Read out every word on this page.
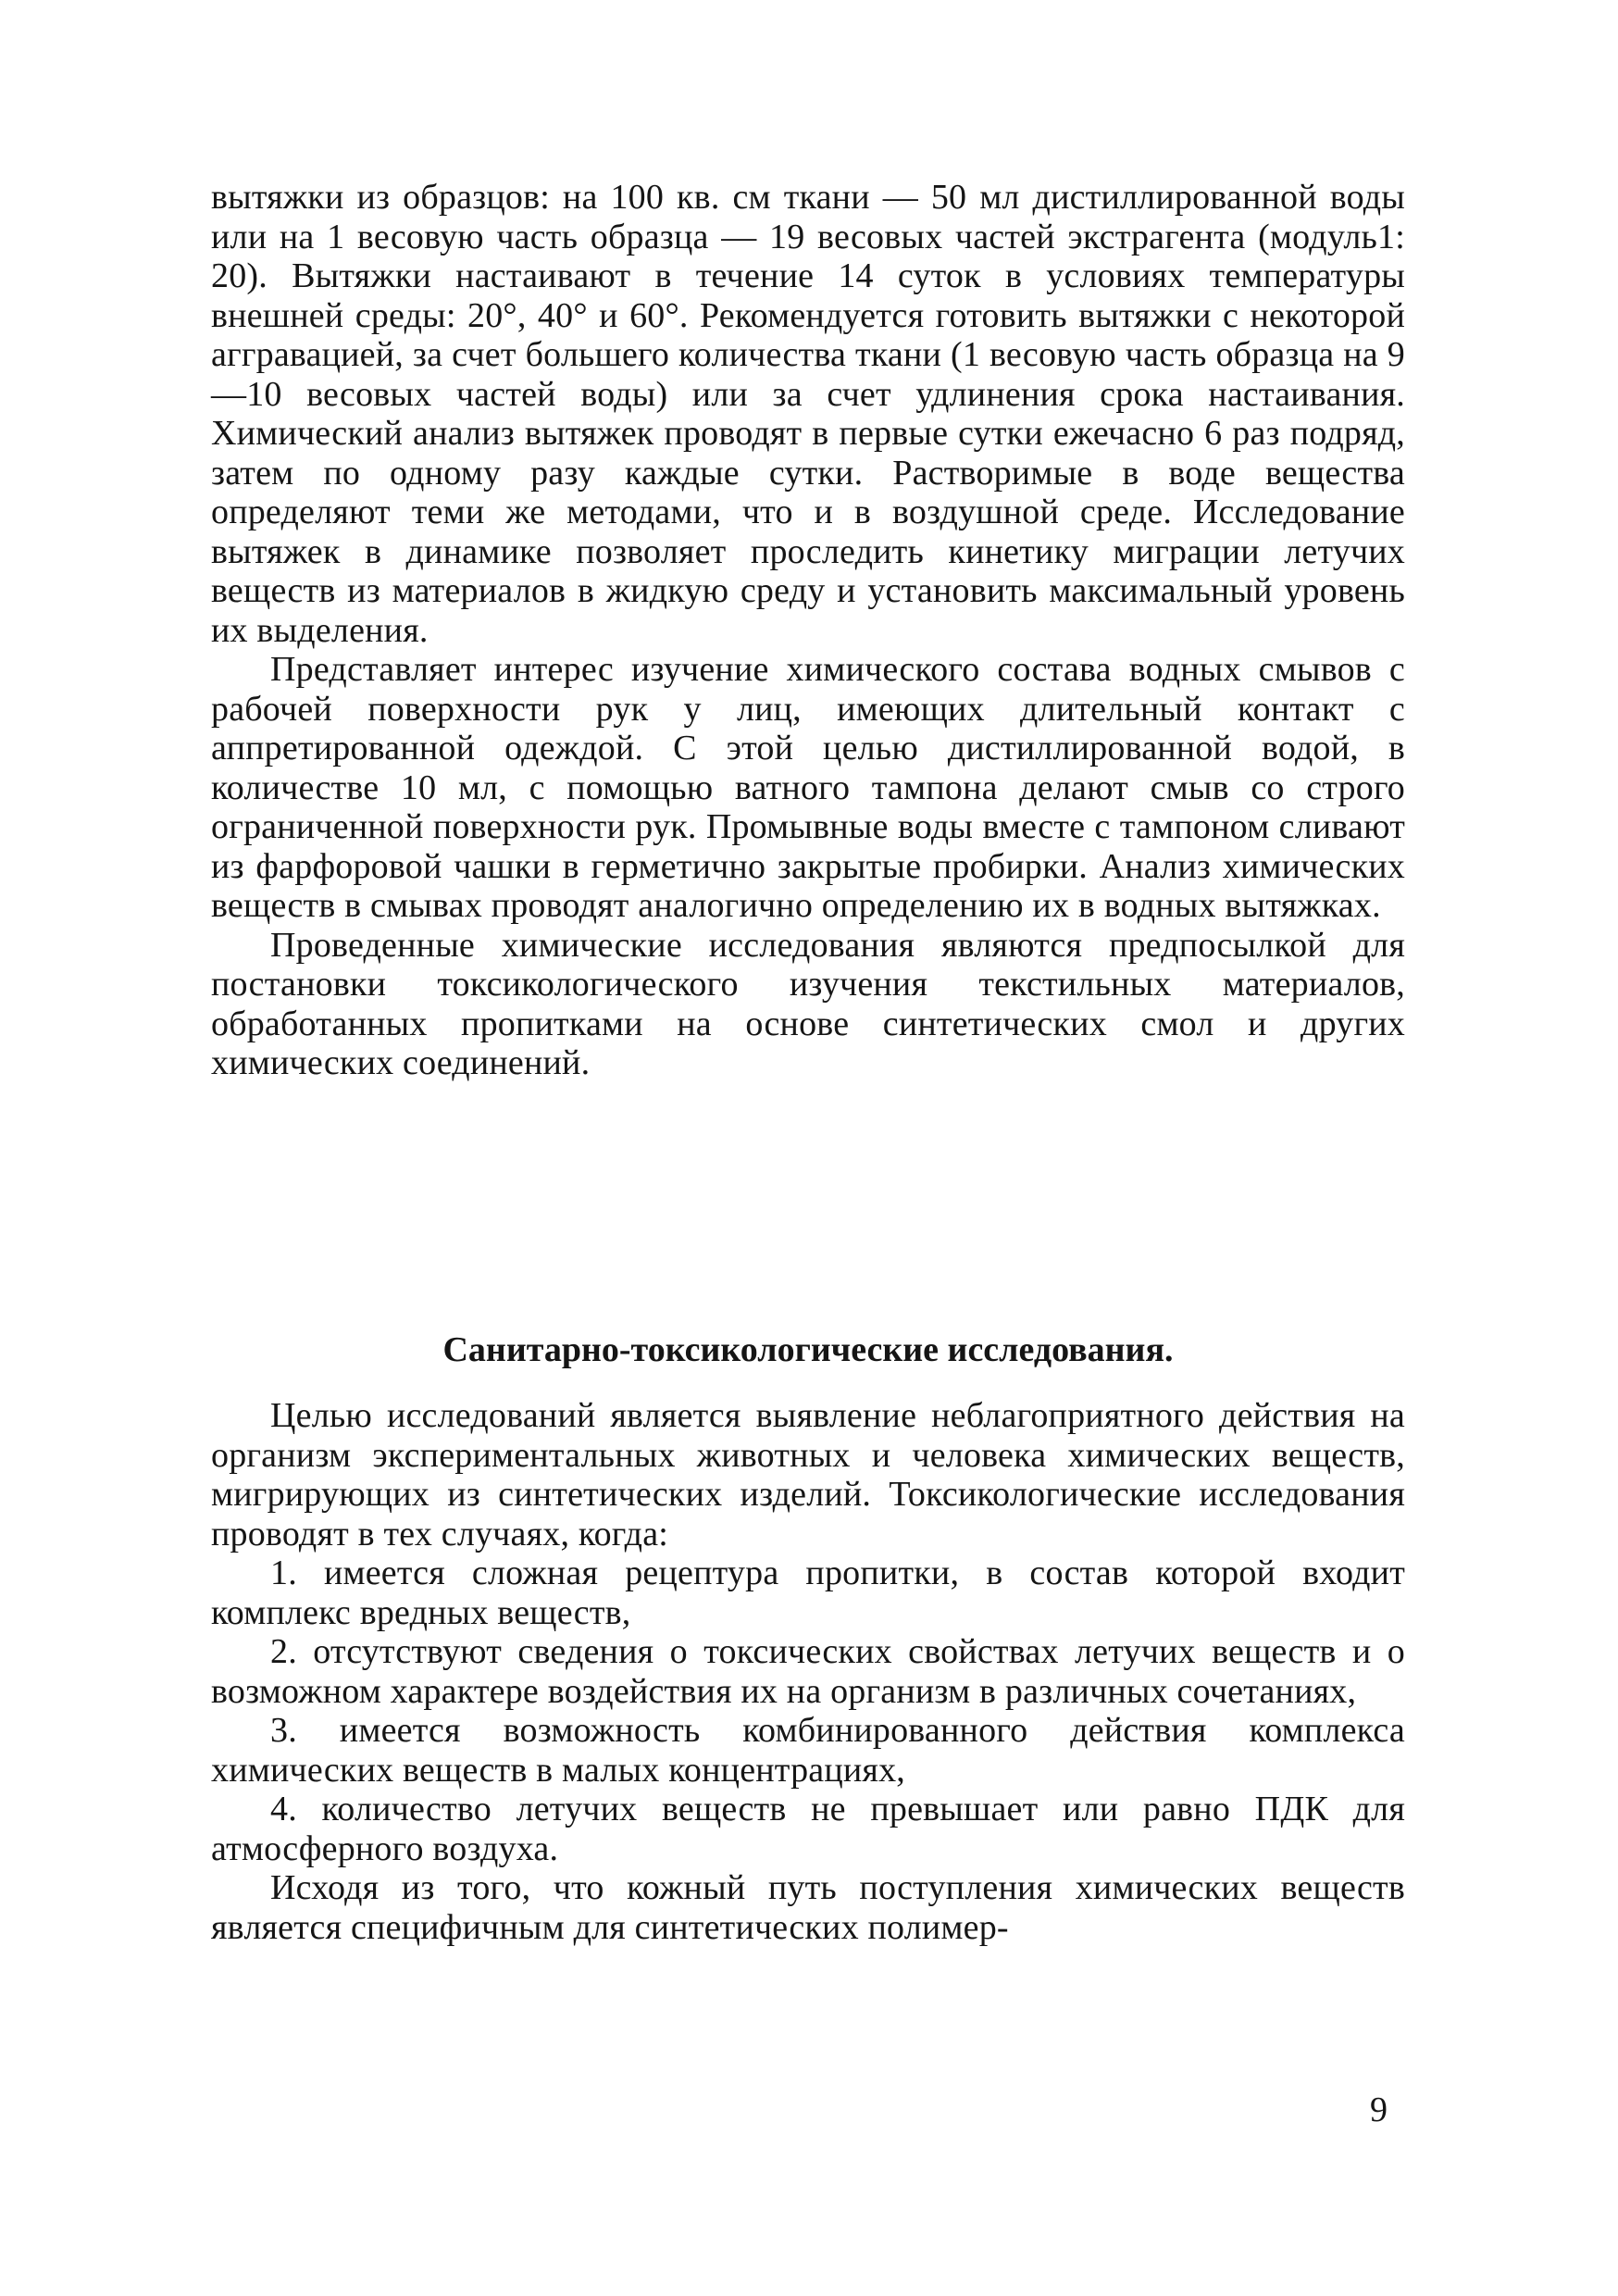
вытяжки из образцов: на 100 кв. см ткани — 50 мл дистиллированной воды или на 1 весовую часть образца — 19 весовых частей экстрагента (модуль1: 20). Вытяжки настаивают в течение 14 суток в условиях температуры внешней среды: 20°, 40° и 60°. Рекомендуется готовить вытяжки с некоторой аггравацией, за счет большего количества ткани (1 весовую часть образца на 9—10 весовых частей воды) или за счет удлинения срока настаивания. Химический анализ вытяжек проводят в первые сутки ежечасно 6 раз подряд, затем по одному разу каждые сутки. Растворимые в воде вещества определяют теми же методами, что и в воздушной среде. Исследование вытяжек в динамике позволяет проследить кинетику миграции летучих веществ из материалов в жидкую среду и установить максимальный уровень их выделения.

Представляет интерес изучение химического состава водных смывов с рабочей поверхности рук у лиц, имеющих длительный контакт с аппретированной одеждой. С этой целью дистиллированной водой, в количестве 10 мл, с помощью ватного тампона делают смыв со строго ограниченной поверхности рук. Промывные воды вместе с тампоном сливают из фарфоровой чашки в герметично закрытые пробирки. Анализ химических веществ в смывах проводят аналогично определению их в водных вытяжках.

Проведенные химические исследования являются предпосылкой для постановки токсикологического изучения текстильных материалов, обработанных пропитками на основе синтетических смол и других химических соединений.

Санитарно-токсикологические исследования.

Целью исследований является выявление неблагоприятного действия на организм экспериментальных животных и человека химических веществ, мигрирующих из синтетических изделий. Токсикологические исследования проводят в тех случаях, когда:

1. имеется сложная рецептура пропитки, в состав которой входит комплекс вредных веществ,

2. отсутствуют сведения о токсических свойствах летучих веществ и о возможном характере воздействия их на организм в различных сочетаниях,

3. имеется возможность комбинированного действия комплекса химических веществ в малых концентрациях,

4. количество летучих веществ не превышает или равно ПДК для атмосферного воздуха.

Исходя из того, что кожный путь поступления химических веществ является специфичным для синтетических полимер-

9
